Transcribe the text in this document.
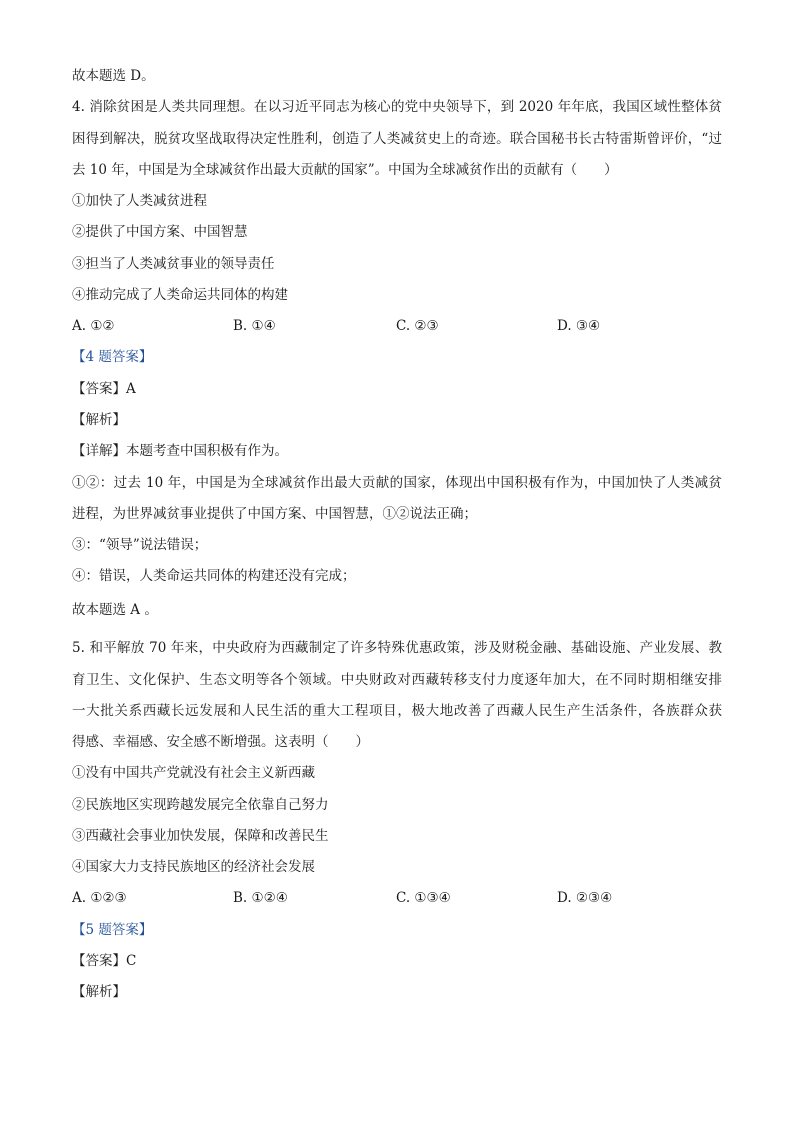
故本题选 D。
4. 消除贫困是人类共同理想。在以习近平同志为核心的党中央领导下，到 2020 年年底，我国区域性整体贫
困得到解决，脱贫攻坚战取得决定性胜利，创造了人类减贫史上的奇迹。联合国秘书长古特雷斯曾评价，“过
去 10 年，中国是为全球减贫作出最大贡献的国家”。中国为全球减贫作出的贡献有（　　）
①加快了人类减贫进程
②提供了中国方案、中国智慧
③担当了人类减贫事业的领导责任
④推动完成了人类命运共同体的构建
A. ①②	B. ①④	C. ②③	D. ③④
【4 题答案】
【答案】A
【解析】
【详解】本题考查中国积极有作为。
①②：过去 10 年，中国是为全球减贫作出最大贡献的国家，体现出中国积极有作为，中国加快了人类减贫
进程，为世界减贫事业提供了中国方案、中国智慧，①②说法正确；
③：“领导”说法错误；
④：错误，人类命运共同体的构建还没有完成；
故本题选 A 。
5. 和平解放 70 年来，中央政府为西藏制定了许多特殊优惠政策，涉及财税金融、基础设施、产业发展、教
育卫生、文化保护、生态文明等各个领域。中央财政对西藏转移支付力度逐年加大，在不同时期相继安排
一大批关系西藏长远发展和人民生活的重大工程项目，极大地改善了西藏人民生产生活条件，各族群众获
得感、幸福感、安全感不断增强。这表明（　　）
①没有中国共产党就没有社会主义新西藏
②民族地区实现跨越发展完全依靠自己努力
③西藏社会事业加快发展，保障和改善民生
④国家大力支持民族地区的经济社会发展
A. ①②③	B. ①②④	C. ①③④	D. ②③④
【5 题答案】
【答案】C
【解析】
